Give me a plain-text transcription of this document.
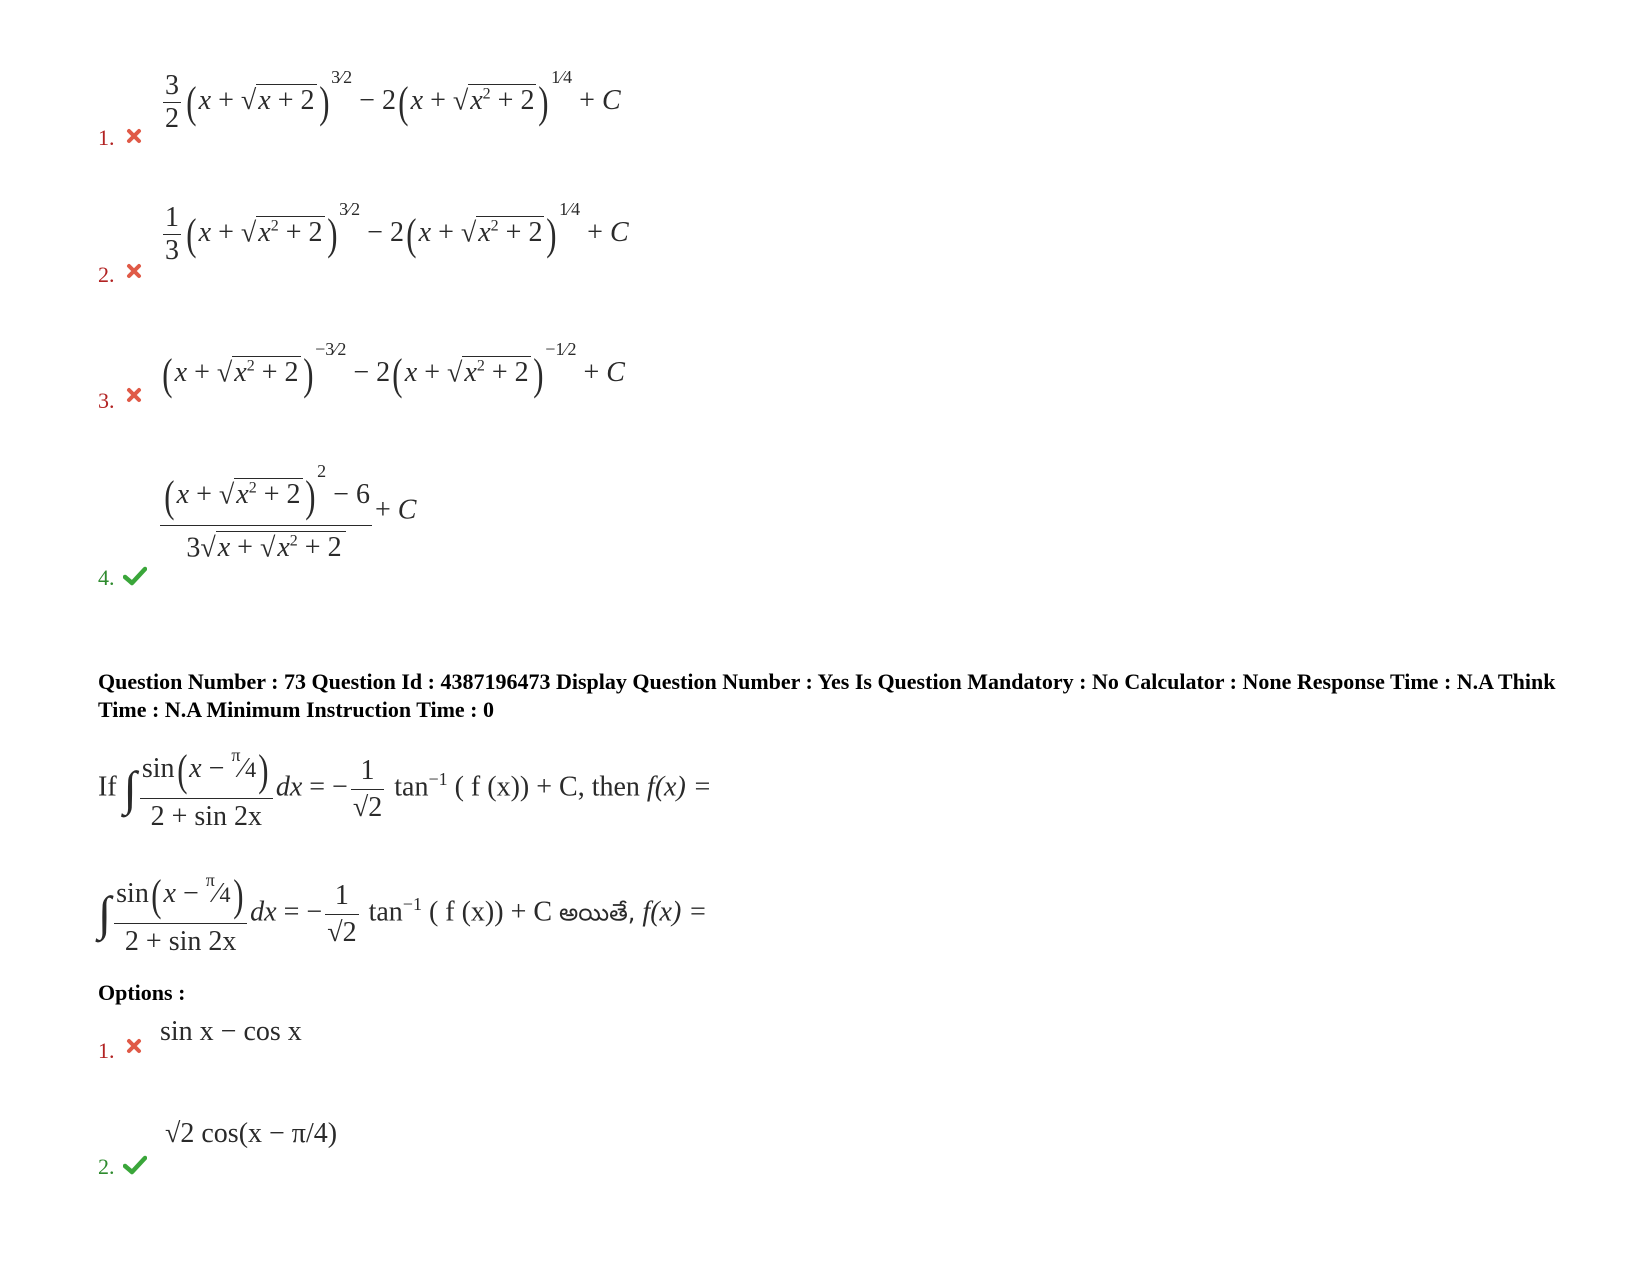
1.
$\frac{3}{2} (x + √x + 2)^{3⁄2} - 2(x + √x^2 + 2)^{1⁄4} + C$
2.
$\frac{1}{3} (x + √x^2 + 2)^{3⁄2} - 2(x + √x^2 + 2)^{1⁄4} + C$
3.
$(x + √x^2 + 2)^{-3⁄2} - 2(x + √x^2 + 2)^{-1⁄2} + C$
4.
$\frac{(x + √x^2 + 2)^2 - 6}{3√x + √x^2 + 2} + C$
Question Number : 73 Question Id : 4387196473 Display Question Number : Yes Is Question Mandatory : No Calculator : None Response Time : N.A Think Time : N.A Minimum Instruction Time : 0
If ∫ $\frac{\sin(x - ^\pi⁄4)}{2 + \sin 2x}$ dx = − $\frac{1}{√2} \tan^{-1}$ ( f (x)) + C, then f(x) =
∫ $\frac{\sin(x - ^\pi⁄4)}{2 + \sin 2x}$ dx = − $\frac{1}{√2} \tan^{-1}$ ( f (x)) + C అయితే, f(x) =
Options :
1.
sin x − cos x
2.
√2 cos(x − π/4)
